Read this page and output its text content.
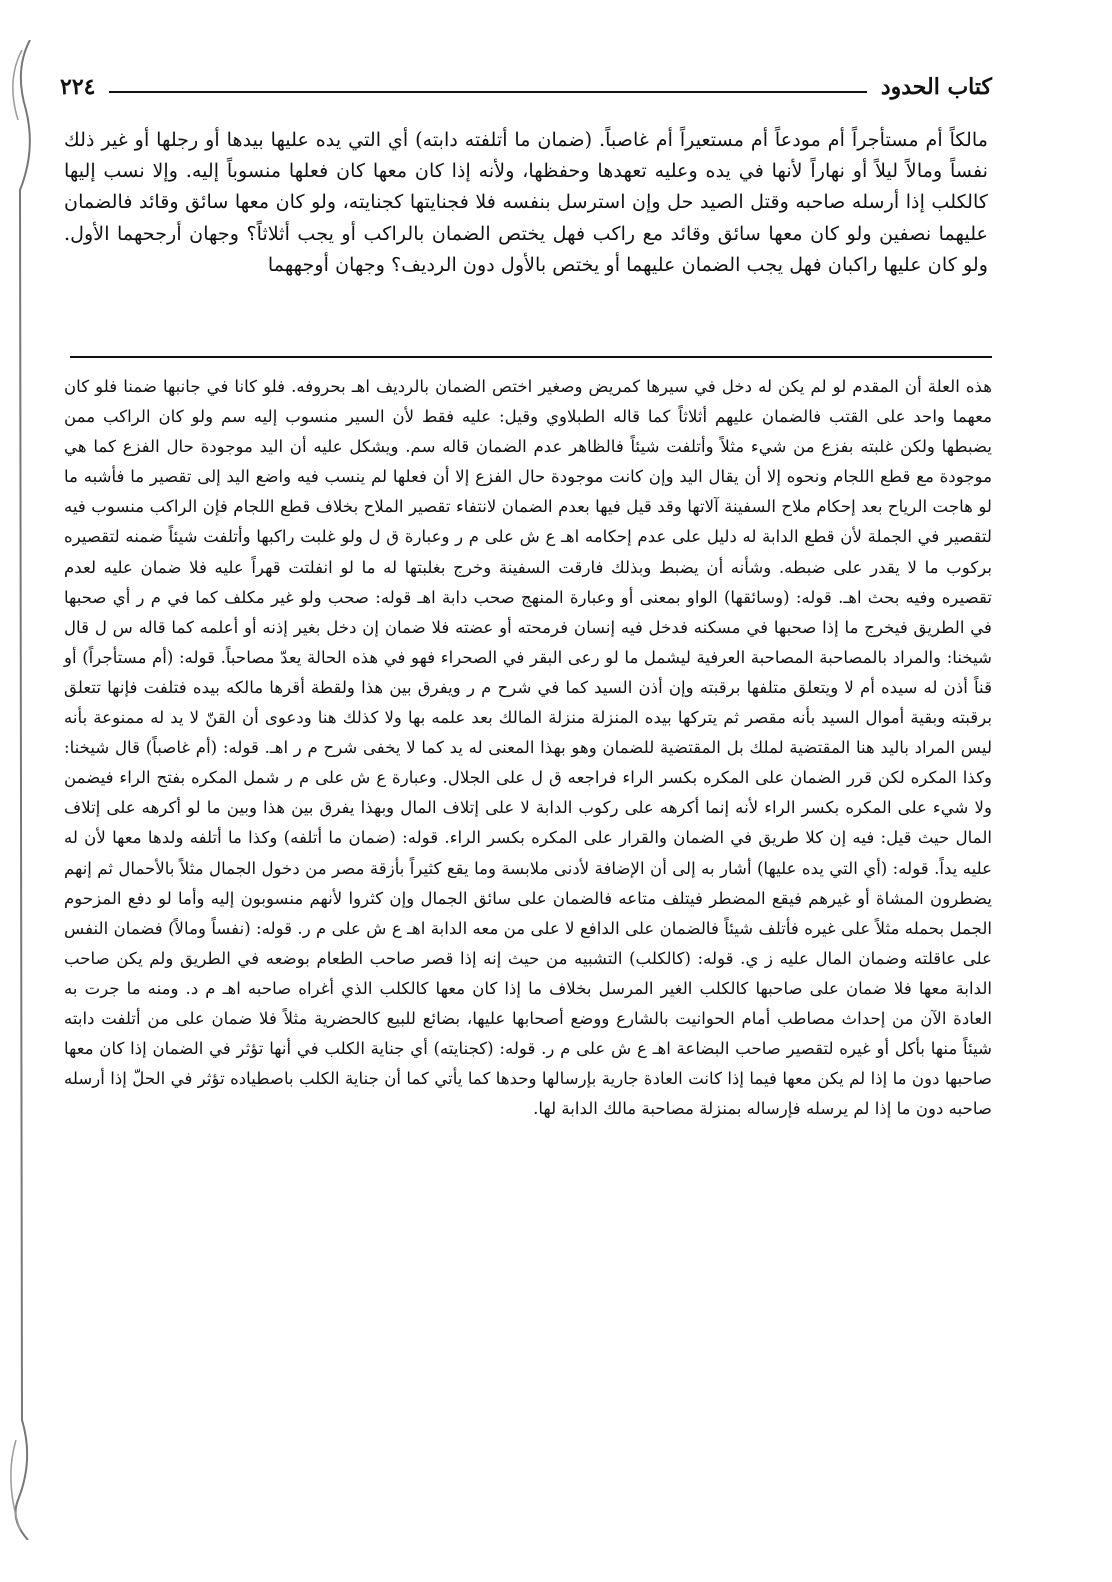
كتاب الحدود
٢٢٤

مالكاً أم مستأجراً أم مودعاً أم مستعيراً أم غاصباً. (ضمان ما أتلفته دابته) أي التي يده عليها بيدها أو رجلها أو غير ذلك نفساً ومالاً ليلاً أو نهاراً لأنها في يده وعليه تعهدها وحفظها، ولأنه إذا كان معها كان فعلها منسوباً إليه. وإلا نسب إليها كالكلب إذا أرسله صاحبه وقتل الصيد حل وإن استرسل بنفسه فلا فجنايتها كجنايته، ولو كان معها سائق وقائد فالضمان عليهما نصفين ولو كان معها سائق وقائد مع راكب فهل يختص الضمان بالراكب أو يجب أثلاثاً؟ وجهان أرجحهما الأول. ولو كان عليها راكبان فهل يجب الضمان عليهما أو يختص بالأول دون الرديف؟ وجهان أوجههما

هذه العلة أن المقدم لو لم يكن له دخل في سيرها كمريض وصغير اختص الضمان بالرديف اهـ بحروفه. فلو كانا في جانبها ضمنا فلو كان معهما واحد على القتب فالضمان عليهم أثلاثاً كما قاله الطبلاوي وقيل: عليه فقط لأن السير منسوب إليه سم ولو كان الراكب ممن يضبطها ولكن غلبته بفزع من شيء مثلاً وأتلفت شيئاً فالظاهر عدم الضمان قاله سم. ويشكل عليه أن اليد موجودة حال الفزع كما هي موجودة مع قطع اللجام ونحوه إلا أن يقال اليد وإن كانت موجودة حال الفزع إلا أن فعلها لم ينسب فيه واضع اليد إلى تقصير ما فأشبه ما لو هاجت الرياح بعد إحكام ملاح السفينة آلاتها وقد قيل فيها بعدم الضمان لانتفاء تقصير الملاح بخلاف قطع اللجام فإن الراكب منسوب فيه لتقصير في الجملة لأن قطع الدابة له دليل على عدم إحكامه اهـ ع ش على م ر وعبارة ق ل ولو غلبت راكبها وأتلفت شيئاً ضمنه لتقصيره بركوب ما لا يقدر على ضبطه. وشأنه أن يضبط وبذلك فارقت السفينة وخرج بغلبتها له ما لو انفلتت قهراً عليه فلا ضمان عليه لعدم تقصيره وفيه بحث اهـ. قوله: (وسائقها) الواو بمعنى أو وعبارة المنهج صحب دابة اهـ قوله: صحب ولو غير مكلف كما في م ر أي صحبها في الطريق فيخرج ما إذا صحبها في مسكنه فدخل فيه إنسان فرمحته أو عضته فلا ضمان إن دخل بغير إذنه أو أعلمه كما قاله س ل قال شيخنا: والمراد بالمصاحبة المصاحبة العرفية ليشمل ما لو رعى البقر في الصحراء فهو في هذه الحالة يعدّ مصاحباً. قوله: (أم مستأجراً) أو قناً أذن له سيده أم لا ويتعلق متلفها برقبته وإن أذن السيد كما في شرح م ر ويفرق بين هذا ولقطة أقرها مالكه بيده فتلفت فإنها تتعلق برقبته وبقية أموال السيد بأنه مقصر ثم يتركها بيده المنزلة منزلة المالك بعد علمه بها ولا كذلك هنا ودعوى أن القنّ لا يد له ممنوعة بأنه ليس المراد باليد هنا المقتضية لملك بل المقتضية للضمان وهو بهذا المعنى له يد كما لا يخفى شرح م ر اهـ. قوله: (أم غاصباً) قال شيخنا: وكذا المكره لكن قرر الضمان على المكره بكسر الراء فراجعه ق ل على الجلال. وعبارة ع ش على م ر شمل المكره بفتح الراء فيضمن ولا شيء على المكره بكسر الراء لأنه إنما أكرهه على ركوب الدابة لا على إتلاف المال وبهذا يفرق بين هذا وبين ما لو أكرهه على إتلاف المال حيث قيل: فيه إن كلا طريق في الضمان والقرار على المكره بكسر الراء. قوله: (ضمان ما أتلفه) وكذا ما أتلفه ولدها معها لأن له عليه يداً. قوله: (أي التي يده عليها) أشار به إلى أن الإضافة لأدنى ملابسة وما يقع كثيراً بأزقة مصر من دخول الجمال مثلاً بالأحمال ثم إنهم يضطرون المشاة أو غيرهم فيقع المضطر فيتلف متاعه فالضمان على سائق الجمال وإن كثروا لأنهم منسوبون إليه وأما لو دفع المزحوم الجمل بحمله مثلاً على غيره فأتلف شيئاً فالضمان على الدافع لا على من معه الدابة اهـ ع ش على م ر. قوله: (نفساً ومالاً) فضمان النفس على عاقلته وضمان المال عليه ز ي. قوله: (كالكلب) التشبيه من حيث إنه إذا قصر صاحب الطعام بوضعه في الطريق ولم يكن صاحب الدابة معها فلا ضمان على صاحبها كالكلب الغير المرسل بخلاف ما إذا كان معها كالكلب الذي أغراه صاحبه اهـ م د. ومنه ما جرت به العادة الآن من إحداث مصاطب أمام الحوانيت بالشارع ووضع أصحابها عليها، بضائع للبيع كالحضرية مثلاً فلا ضمان على من أتلفت دابته شيئاً منها بأكل أو غيره لتقصير صاحب البضاعة اهـ ع ش على م ر. قوله: (كجنايته) أي جناية الكلب في أنها تؤثر في الضمان إذا كان معها صاحبها دون ما إذا لم يكن معها فيما إذا كانت العادة جارية بإرسالها وحدها كما يأتي كما أن جناية الكلب باصطياده تؤثر في الحلّ إذا أرسله صاحبه دون ما إذا لم يرسله فإرساله بمنزلة مصاحبة مالك الدابة لها.
